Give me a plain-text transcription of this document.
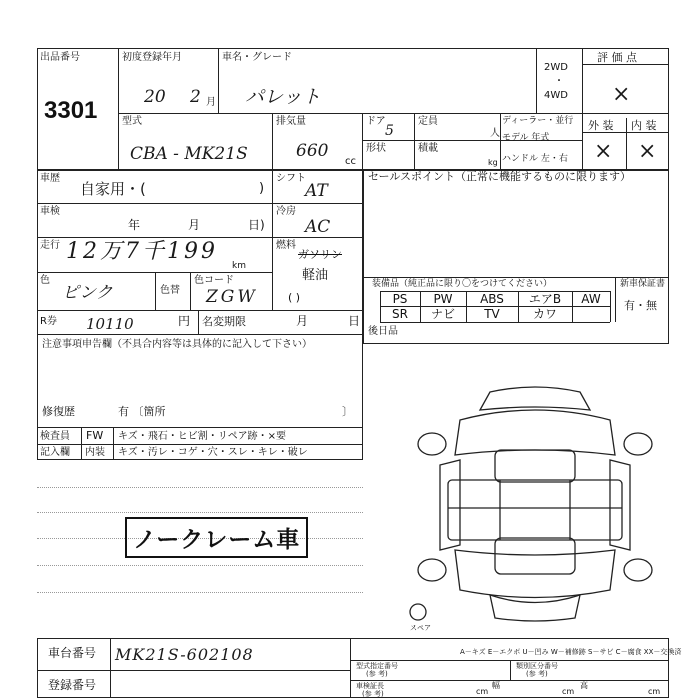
出品番号
3301
初度登録年月
20 2 月
車名・グレード
パレット
2WD
・
4WD
評 価 点
×
型式
CBA - MK21S
排気量
660
cc
ドア
5
定員
人
ディーラー・並行
モデル 年式
ハンドル 左・右
形状	積載
kg
外 装 内 装
× ×
車歴
自家用・(	)
シフト
AT
車検
年	月	日)
冷房
AC
走行 12万7千199
km
燃料
ガソリン
軽油
( )
色
ピンク	色替
色コード
ZGW
R券 10110	円 名変期限	月	日
注意事項申告欄（不具合内容等は具体的に記入して下さい）
修復歴	有 〔箇所	〕
検査員 FW キズ・飛石・ヒビ割・リペア跡・×要
記入欄 内装 キズ・汚レ・コゲ・穴・スレ・キレ・破レ
セールスポイント（正常に機能するものに限ります）
装備品（純正品に限り〇をつけてください）	新車保証書
有・無
PS	PW	ABS	エアB	AW
SR	ナビ	TV	カワ
後日品
スペア
A－キズ E－エクボ U－凹み W－補修跡 S－サビ C－腐食 XX－交換済
ノークレーム車
車台番号 MK21S-602108
登録番号
型式指定番号
(参 考)
類別区分番号
(参 考)
車検証長
(参 考)	cm
幅
cm
高
cm
